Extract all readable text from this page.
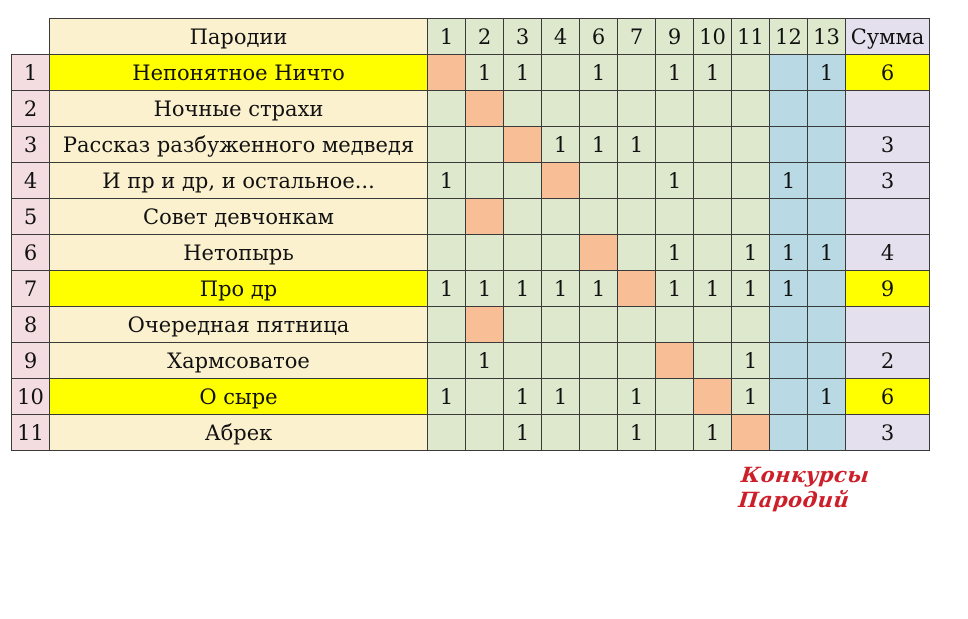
	Пародии	1	2	3	4	6	7	9	10	11	12	13	Сумма
1	Непонятное Ничто		1	1		1		1	1			1	6
2	Ночные страхи												
3	Рассказ разбуженного медведя				1	1	1						3
4	И пр и др, и остальное...	1						1			1		3
5	Совет девчонкам												
6	Нетопырь							1		1	1	1	4
7	Про др	1	1	1	1	1		1	1	1	1		9
8	Очередная пятница												
9	Хармсоватое		1							1			2
10	О сыре	1		1	1		1			1		1	6
11	Абрек			1			1		1				3
Конкурсы Пародий
